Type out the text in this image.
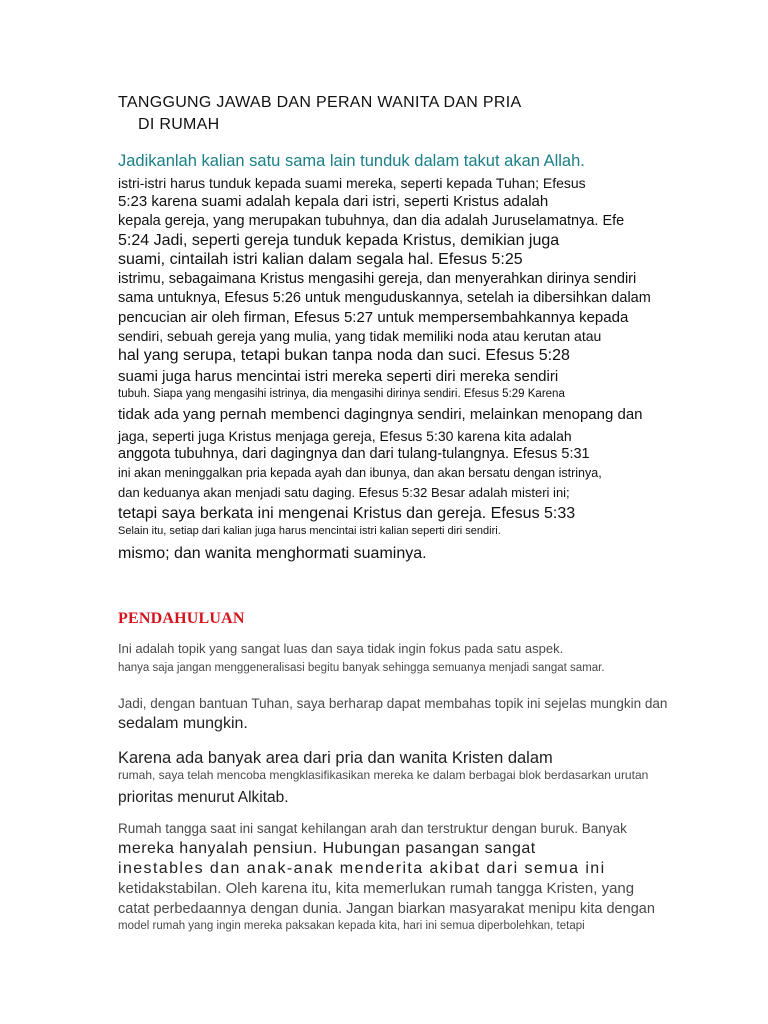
TANGGUNG JAWAB DAN PERAN WANITA DAN PRIA
DI RUMAH
Jadikanlah kalian satu sama lain tunduk dalam takut akan Allah.
istri-istri harus tunduk kepada suami mereka, seperti kepada Tuhan; Efesus
5:23 karena suami adalah kepala dari istri, seperti Kristus adalah
kepala gereja, yang merupakan tubuhnya, dan dia adalah Juruselamatnya. Efe
5:24 Jadi, seperti gereja tunduk kepada Kristus, demikian juga
suami, cintailah istri kalian dalam segala hal. Efesus 5:25
istrimu, sebagaimana Kristus mengasihi gereja, dan menyerahkan dirinya sendiri
sama untuknya, Efesus 5:26 untuk menguduskannya, setelah ia dibersihkan dalam
pencucian air oleh firman, Efesus 5:27 untuk mempersembahkannya kepada
sendiri, sebuah gereja yang mulia, yang tidak memiliki noda atau kerutan atau
hal yang serupa, tetapi bukan tanpa noda dan suci. Efesus 5:28
suami juga harus mencintai istri mereka seperti diri mereka sendiri
tubuh. Siapa yang mengasihi istrinya, dia mengasihi dirinya sendiri. Efesus 5:29 Karena
tidak ada yang pernah membenci dagingnya sendiri, melainkan menopang dan
jaga, seperti juga Kristus menjaga gereja, Efesus 5:30 karena kita adalah
anggota tubuhnya, dari dagingnya dan dari tulang-tulangnya. Efesus 5:31
ini akan meninggalkan pria kepada ayah dan ibunya, dan akan bersatu dengan istrinya,
dan keduanya akan menjadi satu daging. Efesus 5:32 Besar adalah misteri ini;
tetapi saya berkata ini mengenai Kristus dan gereja. Efesus 5:33
Selain itu, setiap dari kalian juga harus mencintai istri kalian seperti diri sendiri.
mismo; dan wanita menghormati suaminya.
PENDAHULUAN
Ini adalah topik yang sangat luas dan saya tidak ingin fokus pada satu aspek.
hanya saja jangan menggeneralisasi begitu banyak sehingga semuanya menjadi sangat samar.
Jadi, dengan bantuan Tuhan, saya berharap dapat membahas topik ini sejelas mungkin dan
sedalam mungkin.
Karena ada banyak area dari pria dan wanita Kristen dalam
rumah, saya telah mencoba mengklasifikasikan mereka ke dalam berbagai blok berdasarkan urutan
prioritas menurut Alkitab.
Rumah tangga saat ini sangat kehilangan arah dan terstruktur dengan buruk. Banyak
mereka hanyalah pensiun. Hubungan pasangan sangat
inestables dan anak-anak menderita akibat dari semua ini
ketidakstabilan. Oleh karena itu, kita memerlukan rumah tangga Kristen, yang
catat perbedaannya dengan dunia. Jangan biarkan masyarakat menipu kita dengan
model rumah yang ingin mereka paksakan kepada kita, hari ini semua diperbolehkan, tetapi
